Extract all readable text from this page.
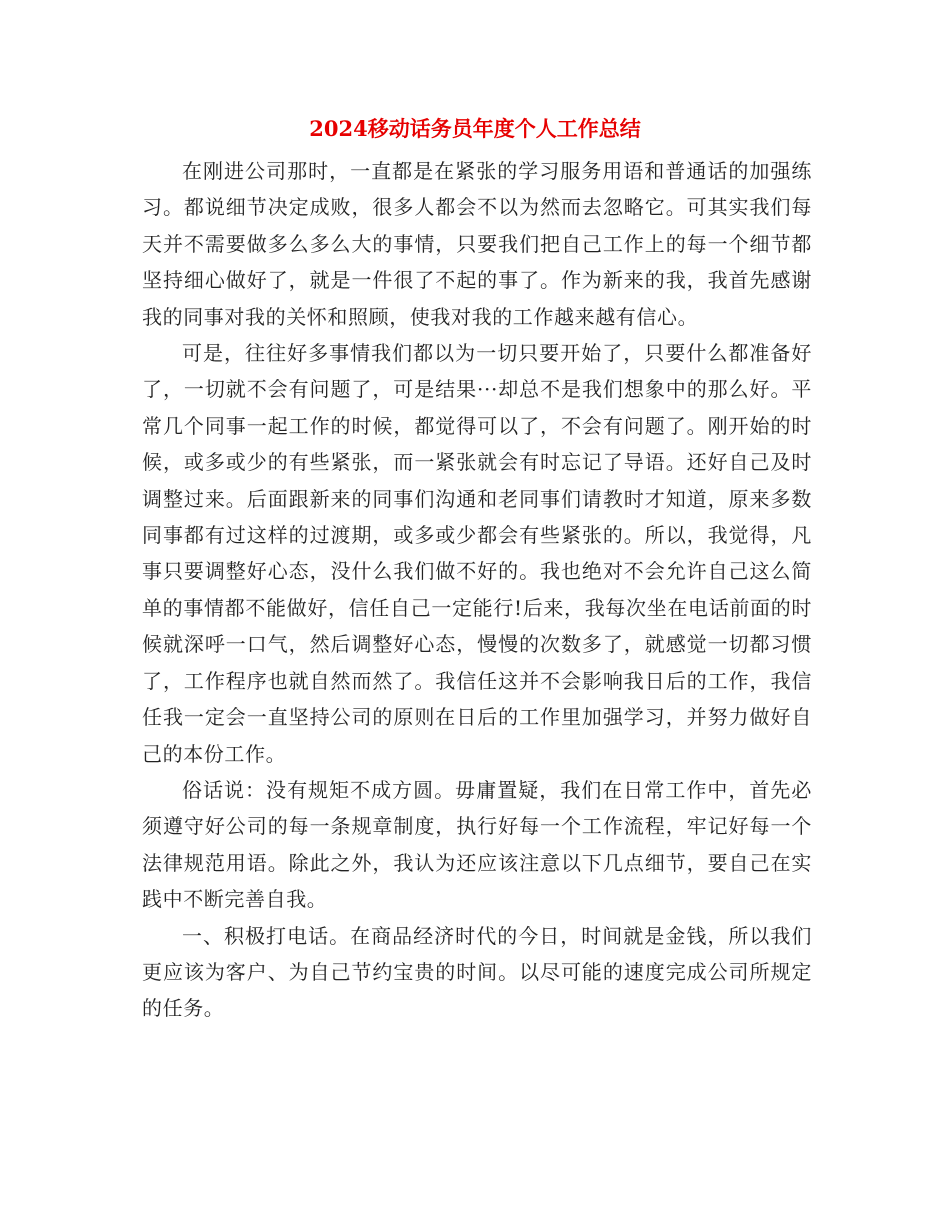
2024移动话务员年度个人工作总结

在刚进公司那时，一直都是在紧张的学习服务用语和普通话的加强练习。都说细节决定成败，很多人都会不以为然而去忽略它。可其实我们每天并不需要做多么多么大的事情，只要我们把自己工作上的每一个细节都坚持细心做好了，就是一件很了不起的事了。作为新来的我，我首先感谢我的同事对我的关怀和照顾，使我对我的工作越来越有信心。

可是，往往好多事情我们都以为一切只要开始了，只要什么都准备好了，一切就不会有问题了，可是结果···却总不是我们想象中的那么好。平常几个同事一起工作的时候，都觉得可以了，不会有问题了。刚开始的时候，或多或少的有些紧张，而一紧张就会有时忘记了导语。还好自己及时调整过来。后面跟新来的同事们沟通和老同事们请教时才知道，原来多数同事都有过这样的过渡期，或多或少都会有些紧张的。所以，我觉得，凡事只要调整好心态，没什么我们做不好的。我也绝对不会允许自己这么简单的事情都不能做好，信任自己一定能行!后来，我每次坐在电话前面的时候就深呼一口气，然后调整好心态，慢慢的次数多了，就感觉一切都习惯了，工作程序也就自然而然了。我信任这并不会影响我日后的工作，我信任我一定会一直坚持公司的原则在日后的工作里加强学习，并努力做好自己的本份工作。

俗话说：没有规矩不成方圆。毋庸置疑，我们在日常工作中，首先必须遵守好公司的每一条规章制度，执行好每一个工作流程，牢记好每一个法律规范用语。除此之外，我认为还应该注意以下几点细节，要自己在实践中不断完善自我。

一、积极打电话。在商品经济时代的今日，时间就是金钱，所以我们更应该为客户、为自己节约宝贵的时间。以尽可能的速度完成公司所规定的任务。
